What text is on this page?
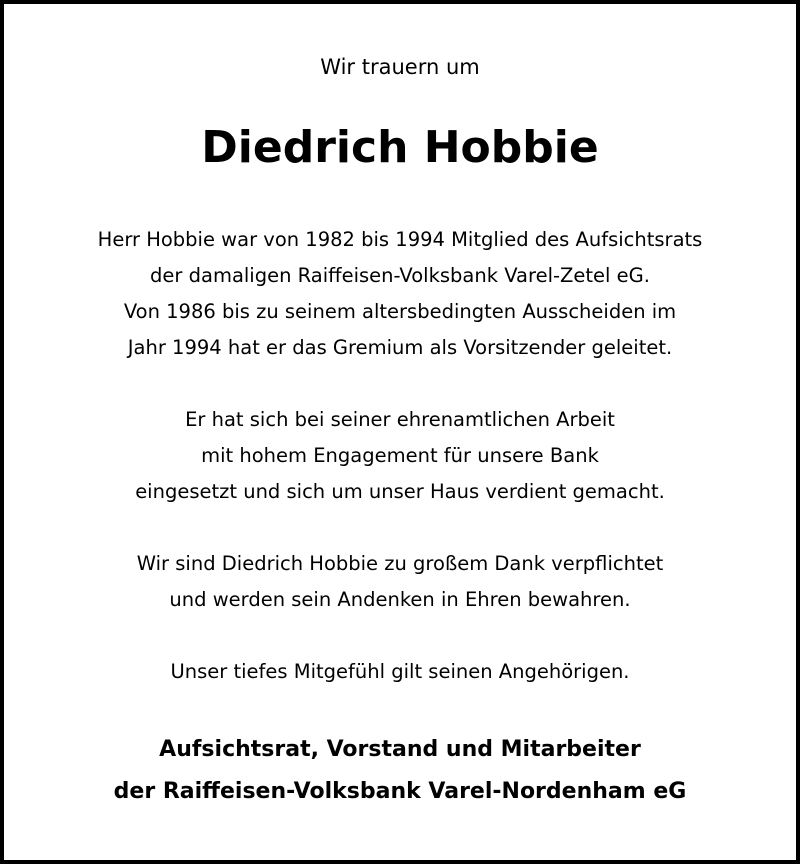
Wir trauern um
Diedrich Hobbie
Herr Hobbie war von 1982 bis 1994 Mitglied des Aufsichtsrats
der damaligen Raiffeisen-Volksbank Varel-Zetel eG.
Von 1986 bis zu seinem altersbedingten Ausscheiden im
Jahr 1994 hat er das Gremium als Vorsitzender geleitet.
Er hat sich bei seiner ehrenamtlichen Arbeit
mit hohem Engagement für unsere Bank
eingesetzt und sich um unser Haus verdient gemacht.
Wir sind Diedrich Hobbie zu großem Dank verpflichtet
und werden sein Andenken in Ehren bewahren.
Unser tiefes Mitgefühl gilt seinen Angehörigen.
Aufsichtsrat, Vorstand und Mitarbeiter
der Raiffeisen-Volksbank Varel-Nordenham eG
